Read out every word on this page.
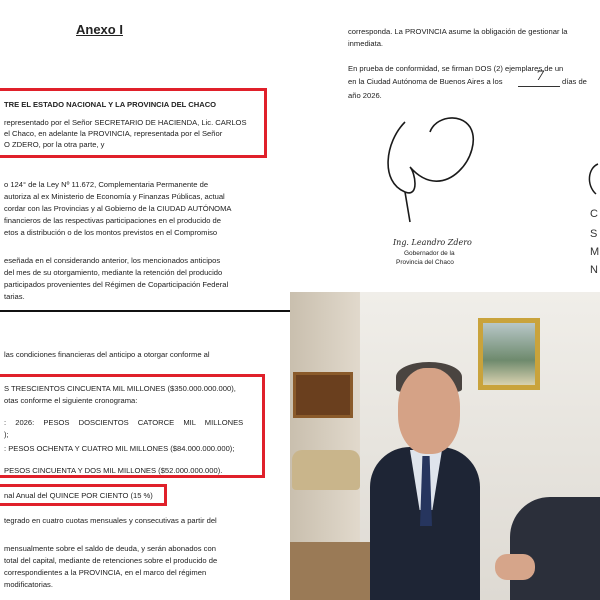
Anexo I
TRE EL ESTADO NACIONAL Y LA PROVINCIA DEL CHACO
representado por el Señor SECRETARIO DE HACIENDA, Lic. CARLOS
el Chaco, en adelante la PROVINCIA, representada por el Señor
O ZDERO, por la otra parte, y
o 124° de la Ley Nº 11.672, Complementaria Permanente de
autoriza al ex Ministerio de Economía y Finanzas Públicas, actual
cordar con las Provincias y al Gobierno de la CIUDAD AUTÓNOMA
financieros de las respectivas participaciones en el producido de
etos a distribución o de los montos previstos en el Compromiso
eseñada en el considerando anterior, los mencionados anticipos
del mes de su otorgamiento, mediante la retención del producido
participados provenientes del Régimen de Coparticipación Federal
tarias.
corresponda. La PROVINCIA asume la obligación de gestionar la
inmediata.
En prueba de conformidad, se firman DOS (2) ejemplares de un
en la Ciudad Autónoma de Buenos Aires a los	7 días de
año 2026.
Ing. Leandro Zdero
Gobernador de la
Provincia del Chaco
C
S
M
N
las condiciones financieras del anticipo a otorgar conforme al
S TRESCIENTOS CINCUENTA MIL MILLONES ($350.000.000.000),
otas conforme el siguiente cronograma:
: 2026: PESOS DOSCIENTOS CATORCE MIL MILLONES
);
: PESOS OCHENTA Y CUATRO MIL MILLONES ($84.000.000.000);
PESOS CINCUENTA Y DOS MIL MILLONES ($52.000.000.000).
nal Anual del QUINCE POR CIENTO (15 %)
tegrado en cuatro cuotas mensuales y consecutivas a partir del
mensualmente sobre el saldo de deuda, y serán abonados con
total del capital, mediante de retenciones sobre el producido de
correspondientes a la PROVINCIA, en el marco del régimen
modificatorias.
